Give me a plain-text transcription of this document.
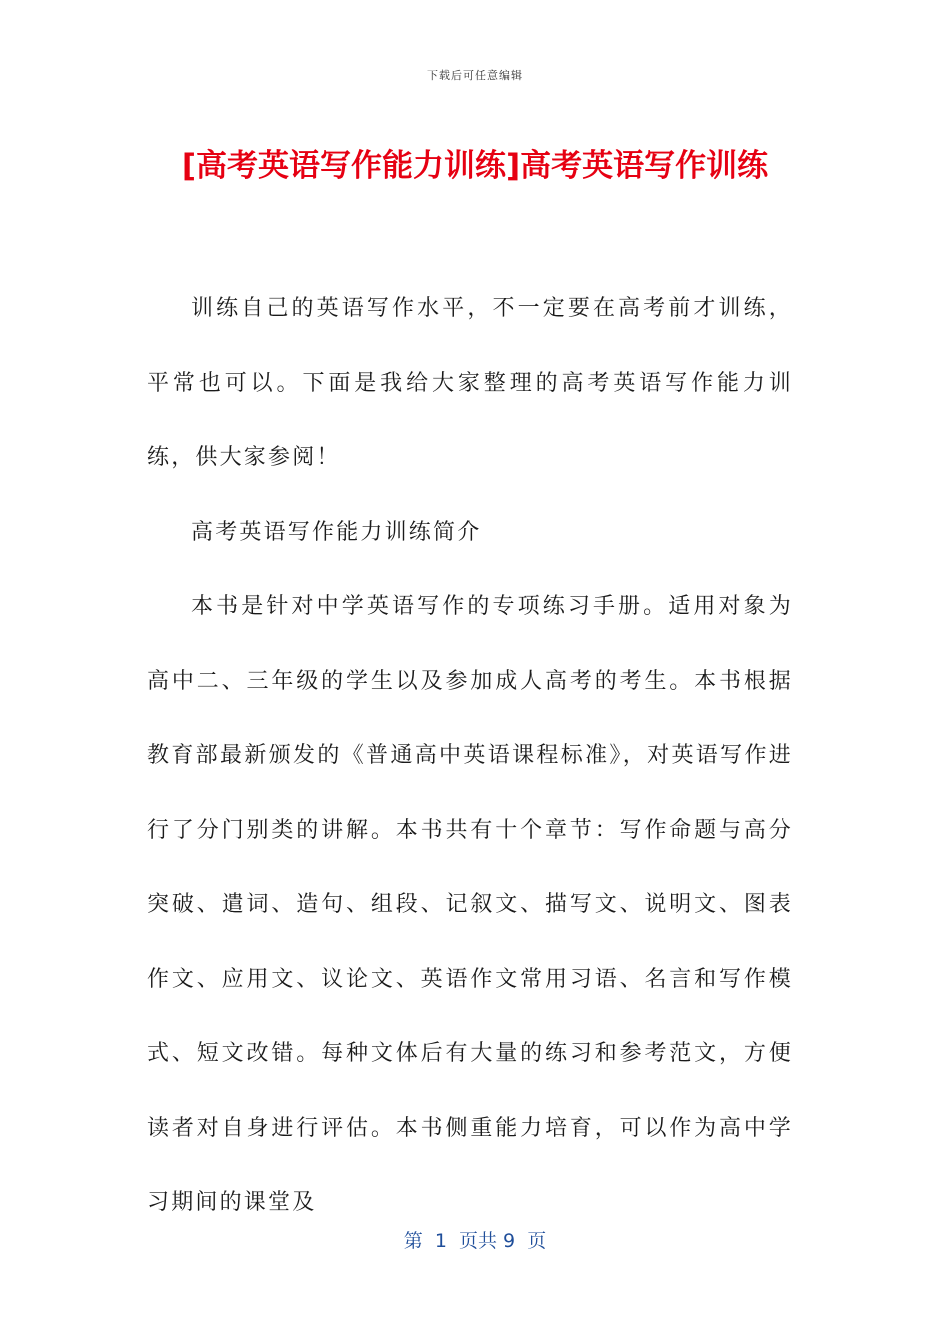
下载后可任意编辑
[高考英语写作能力训练]高考英语写作训练

训练自己的英语写作水平，不一定要在高考前才训练，平常也可以。下面是我给大家整理的高考英语写作能力训练，供大家参阅！

高考英语写作能力训练简介

本书是针对中学英语写作的专项练习手册。适用对象为高中二、三年级的学生以及参加成人高考的考生。本书根据教育部最新颁发的《普通高中英语课程标准》，对英语写作进行了分门别类的讲解。本书共有十个章节：写作命题与高分突破、遣词、造句、组段、记叙文、描写文、说明文、图表作文、应用文、议论文、英语作文常用习语、名言和写作模式、短文改错。每种文体后有大量的练习和参考范文，方便读者对自身进行评估。本书侧重能力培育，可以作为高中学习期间的课堂及

第  1  页共 9  页
